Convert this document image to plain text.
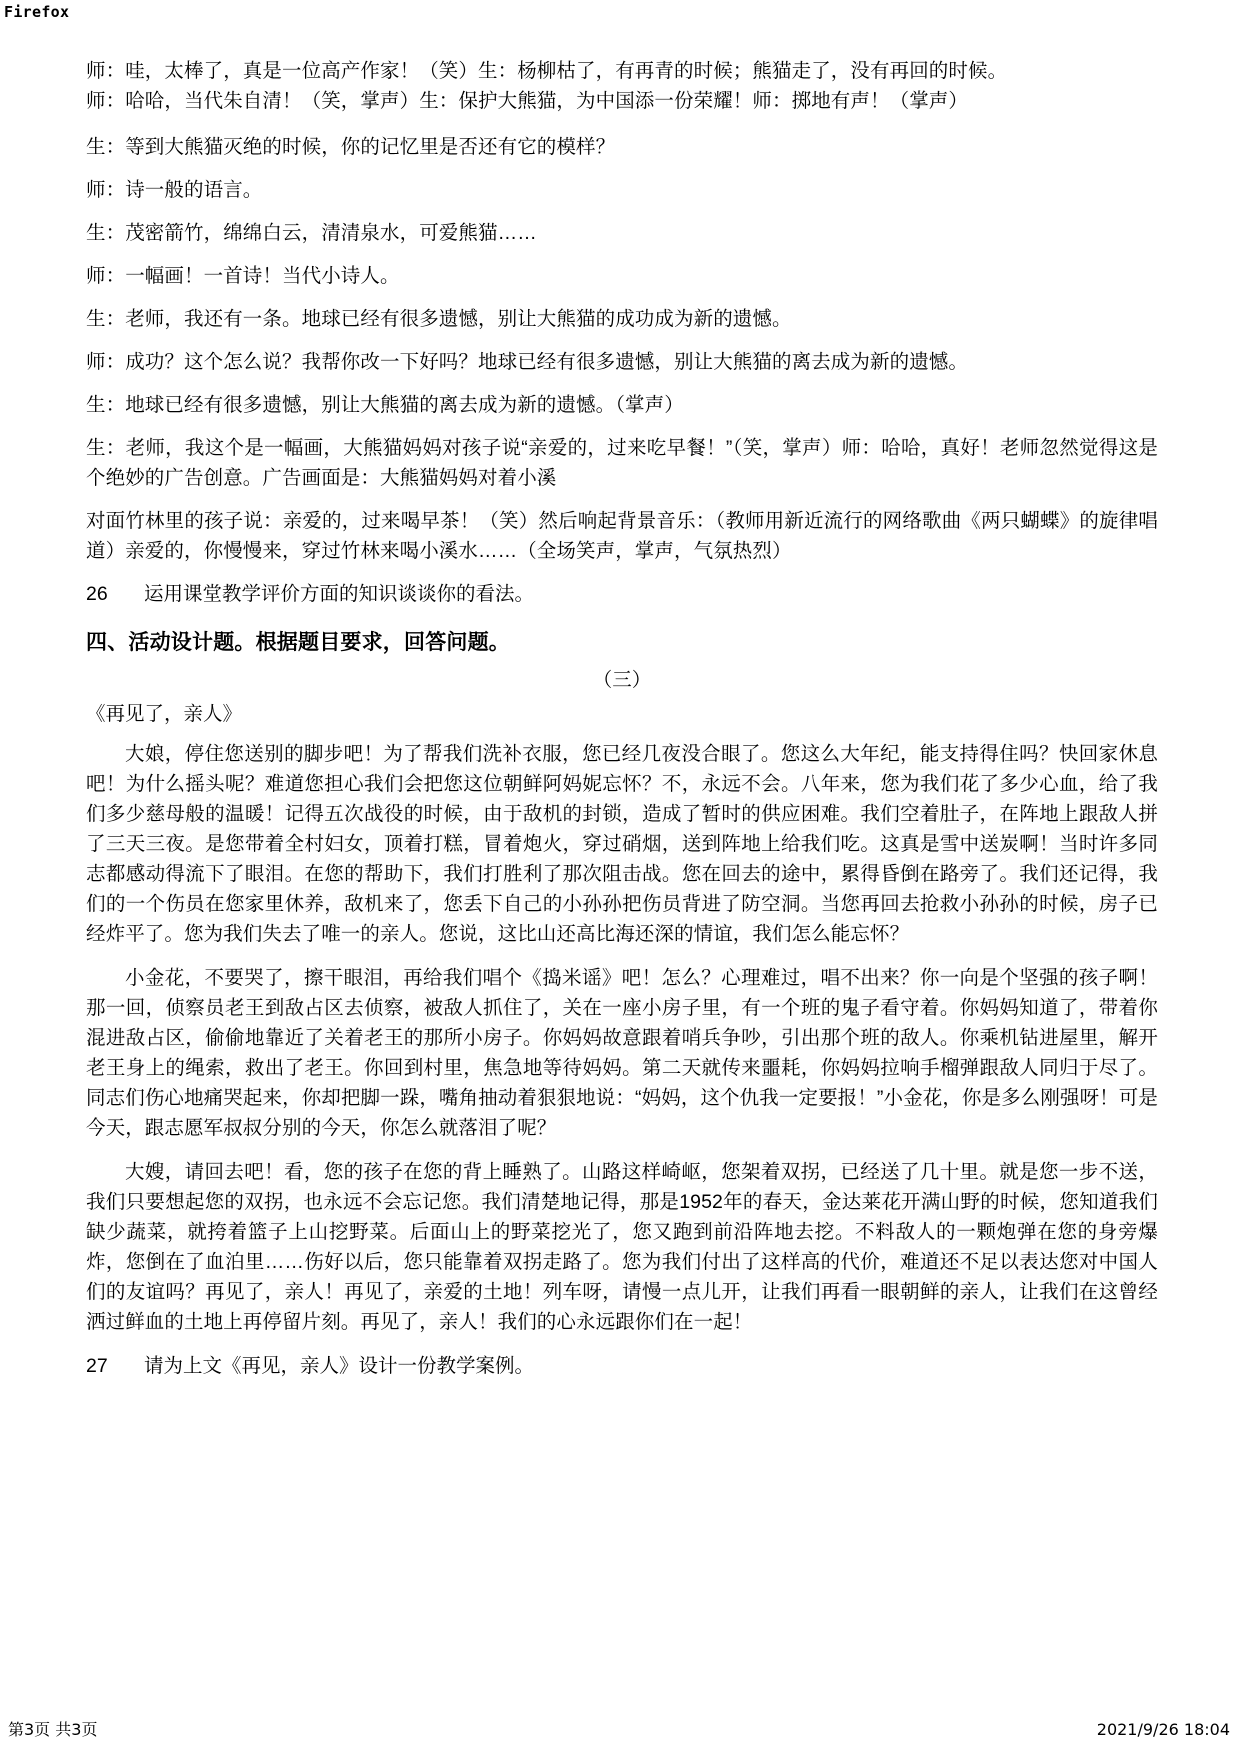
Firefox
师：哇，太棒了，真是一位高产作家！（笑）生：杨柳枯了，有再青的时候；熊猫走了，没有再回的时候。
师：哈哈，当代朱自清！（笑，掌声）生：保护大熊猫，为中国添一份荣耀！师：掷地有声！（掌声）
生：等到大熊猫灭绝的时候，你的记忆里是否还有它的模样？
师：诗一般的语言。
生：茂密箭竹，绵绵白云，清清泉水，可爱熊猫……
师：一幅画！一首诗！当代小诗人。
生：老师，我还有一条。地球已经有很多遗憾，别让大熊猫的成功成为新的遗憾。
师：成功？这个怎么说？我帮你改一下好吗？地球已经有很多遗憾，别让大熊猫的离去成为新的遗憾。
生：地球已经有很多遗憾，别让大熊猫的离去成为新的遗憾。（掌声）
生：老师，我这个是一幅画，大熊猫妈妈对孩子说“亲爱的，过来吃早餐！”（笑，掌声）师：哈哈，真好！老师忽然觉得这是个绝妙的广告创意。广告画面是：大熊猫妈妈对着小溪
对面竹林里的孩子说：亲爱的，过来喝早茶！（笑）然后响起背景音乐：（教师用新近流行的网络歌曲《两只蝴蝶》的旋律唱道）亲爱的，你慢慢来，穿过竹林来喝小溪水……（全场笑声，掌声，气氛热烈）
26	运用课堂教学评价方面的知识谈谈你的看法。
四、活动设计题。根据题目要求，回答问题。
（三）
《再见了，亲人》
大娘，停住您送别的脚步吧！为了帮我们洗补衣服，您已经几夜没合眼了。您这么大年纪，能支持得住吗？快回家休息吧！为什么摇头呢？难道您担心我们会把您这位朝鲜阿妈妮忘怀？不，永远不会。八年来，您为我们花了多少心血，给了我们多少慈母般的温暖！记得五次战役的时候，由于敌机的封锁，造成了暂时的供应困难。我们空着肚子，在阵地上跟敌人拼了三天三夜。是您带着全村妇女，顶着打糕，冒着炮火，穿过硝烟，送到阵地上给我们吃。这真是雪中送炭啊！当时许多同志都感动得流下了眼泪。在您的帮助下，我们打胜利了那次阻击战。您在回去的途中，累得昏倒在路旁了。我们还记得，我们的一个伤员在您家里休养，敌机来了，您丢下自己的小孙孙把伤员背进了防空洞。当您再回去抢救小孙孙的时候，房子已经炸平了。您为我们失去了唯一的亲人。您说，这比山还高比海还深的情谊，我们怎么能忘怀？
小金花，不要哭了，擦干眼泪，再给我们唱个《捣米谣》吧！怎么？心理难过，唱不出来？你一向是个坚强的孩子啊！那一回，侦察员老王到敌占区去侦察，被敌人抓住了，关在一座小房子里，有一个班的鬼子看守着。你妈妈知道了，带着你混进敌占区，偷偷地靠近了关着老王的那所小房子。你妈妈故意跟着哨兵争吵，引出那个班的敌人。你乘机钻进屋里，解开老王身上的绳索，救出了老王。你回到村里，焦急地等待妈妈。第二天就传来噩耗，你妈妈拉响手榴弹跟敌人同归于尽了。同志们伤心地痛哭起来，你却把脚一跺，嘴角抽动着狠狠地说：“妈妈，这个仇我一定要报！”小金花，你是多么刚强呀！可是今天，跟志愿军叔叔分别的今天，你怎么就落泪了呢？
大嫂，请回去吧！看，您的孩子在您的背上睡熟了。山路这样崎岖，您架着双拐，已经送了几十里。就是您一步不送，我们只要想起您的双拐，也永远不会忘记您。我们清楚地记得，那是1952年的春天，金达莱花开满山野的时候，您知道我们缺少蔬菜，就挎着篮子上山挖野菜。后面山上的野菜挖光了，您又跑到前沿阵地去挖。不料敌人的一颗炮弹在您的身旁爆炸，您倒在了血泊里……伤好以后，您只能靠着双拐走路了。您为我们付出了这样高的代价，难道还不足以表达您对中国人们的友谊吗？再见了，亲人！再见了，亲爱的土地！列车呀，请慢一点儿开，让我们再看一眼朝鲜的亲人，让我们在这曾经洒过鲜血的土地上再停留片刻。再见了，亲人！我们的心永远跟你们在一起！
27	请为上文《再见，亲人》设计一份教学案例。
第3页 共3页	2021/9/26 18:04
